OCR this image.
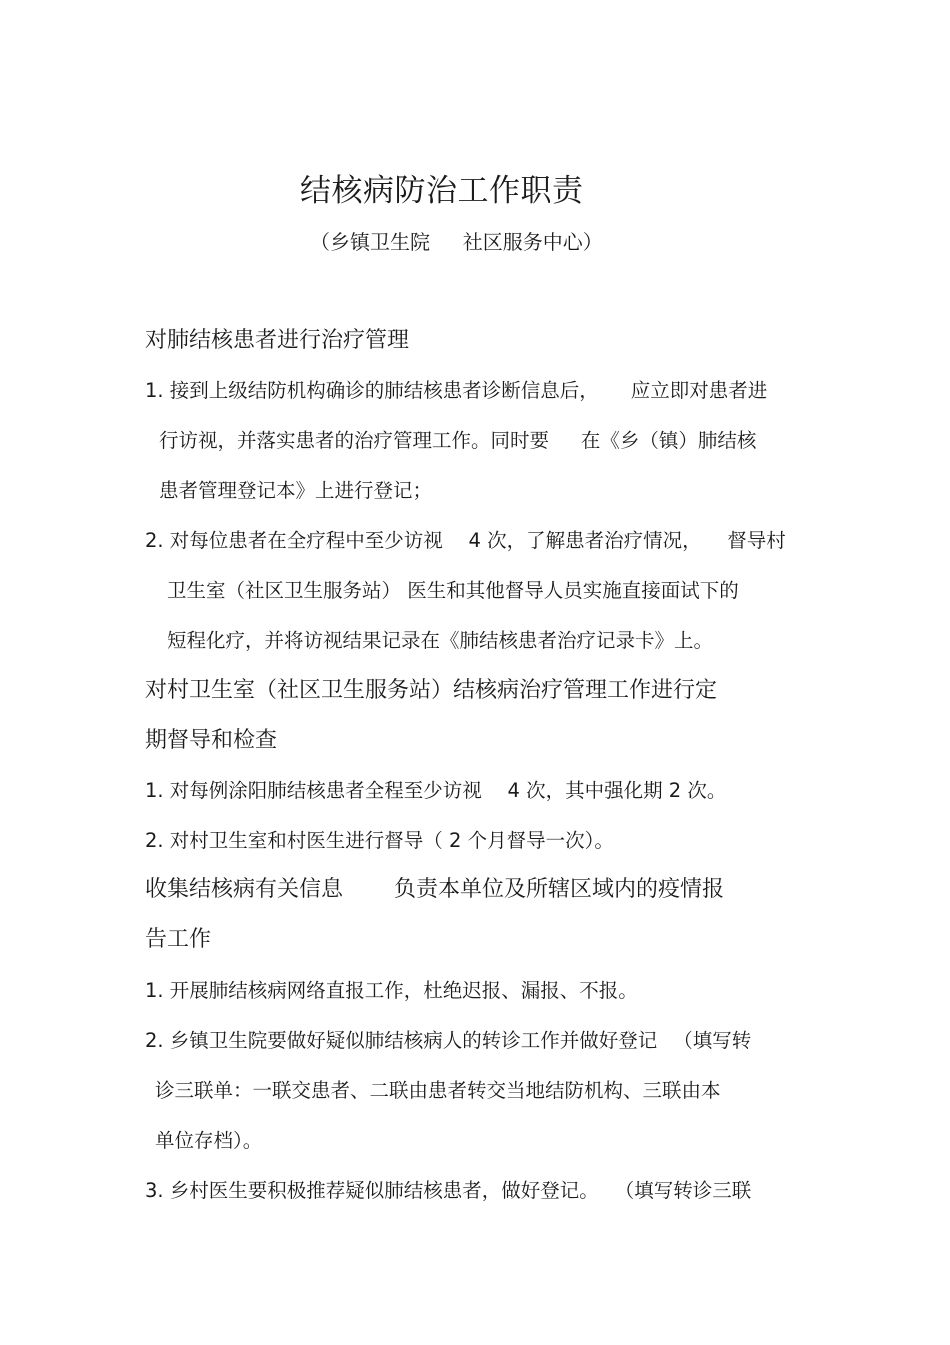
结核病防治工作职责
（乡镇卫生院 　 社区服务中心）
对肺结核患者进行治疗管理
1. 接到上级结防机构确诊的肺结核患者诊断信息后， 　 应立即对患者进
行访视，并落实患者的治疗管理工作。同时要 　 在《乡（镇）肺结核
患者管理登记本》上进行登记；
2. 对每位患者在全疗程中至少访视 　4 次，了解患者治疗情况， 　督导村
卫生室（社区卫生服务站） 医生和其他督导人员实施直接面试下的
短程化疗，并将访视结果记录在《肺结核患者治疗记录卡》上。
对村卫生室（社区卫生服务站）结核病治疗管理工作进行定
期督导和检查
1. 对每例涂阳肺结核患者全程至少访视 　4 次，其中强化期 2 次。
2. 对村卫生室和村医生进行督导（ 2 个月督导一次）。
收集结核病有关信息 　　负责本单位及所辖区域内的疫情报
告工作
1. 开展肺结核病网络直报工作，杜绝迟报、漏报、不报。
2. 乡镇卫生院要做好疑似肺结核病人的转诊工作并做好登记 　（填写转
诊三联单：一联交患者、二联由患者转交当地结防机构、三联由本
单位存档）。
3. 乡村医生要积极推荐疑似肺结核患者，做好登记。 　（填写转诊三联
